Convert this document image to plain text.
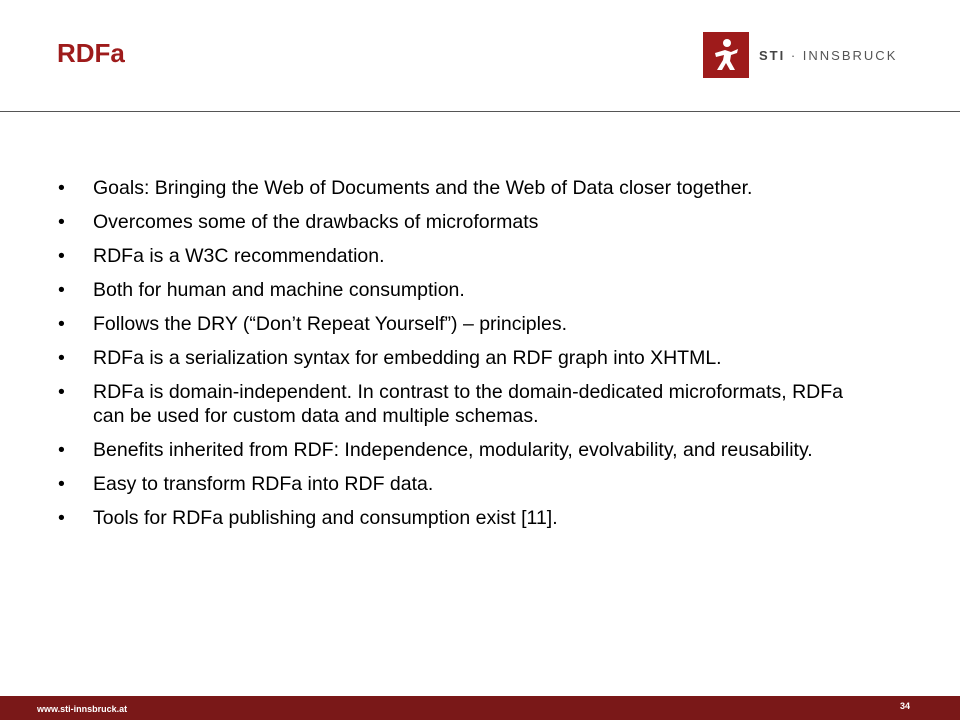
RDFa	STI · INNSBRUCK
•	Goals: Bringing the Web of Documents and the Web of Data closer together.
•	Overcomes some of the drawbacks of microformats
•	RDFa is a W3C recommendation.
•	Both for human and machine consumption.
•	Follows the DRY (“Don’t Repeat Yourself”) – principles.
•	RDFa is a serialization syntax for embedding an RDF graph into XHTML.
•	RDFa is domain-independent. In contrast to the domain-dedicated microformats, RDFa can be used for custom data and multiple schemas.
•	Benefits inherited from RDF: Independence, modularity, evolvability, and reusability.
•	Easy to transform RDFa into RDF data.
•	Tools for RDFa publishing and consumption exist [11].
www.sti-innsbruck.at	34
